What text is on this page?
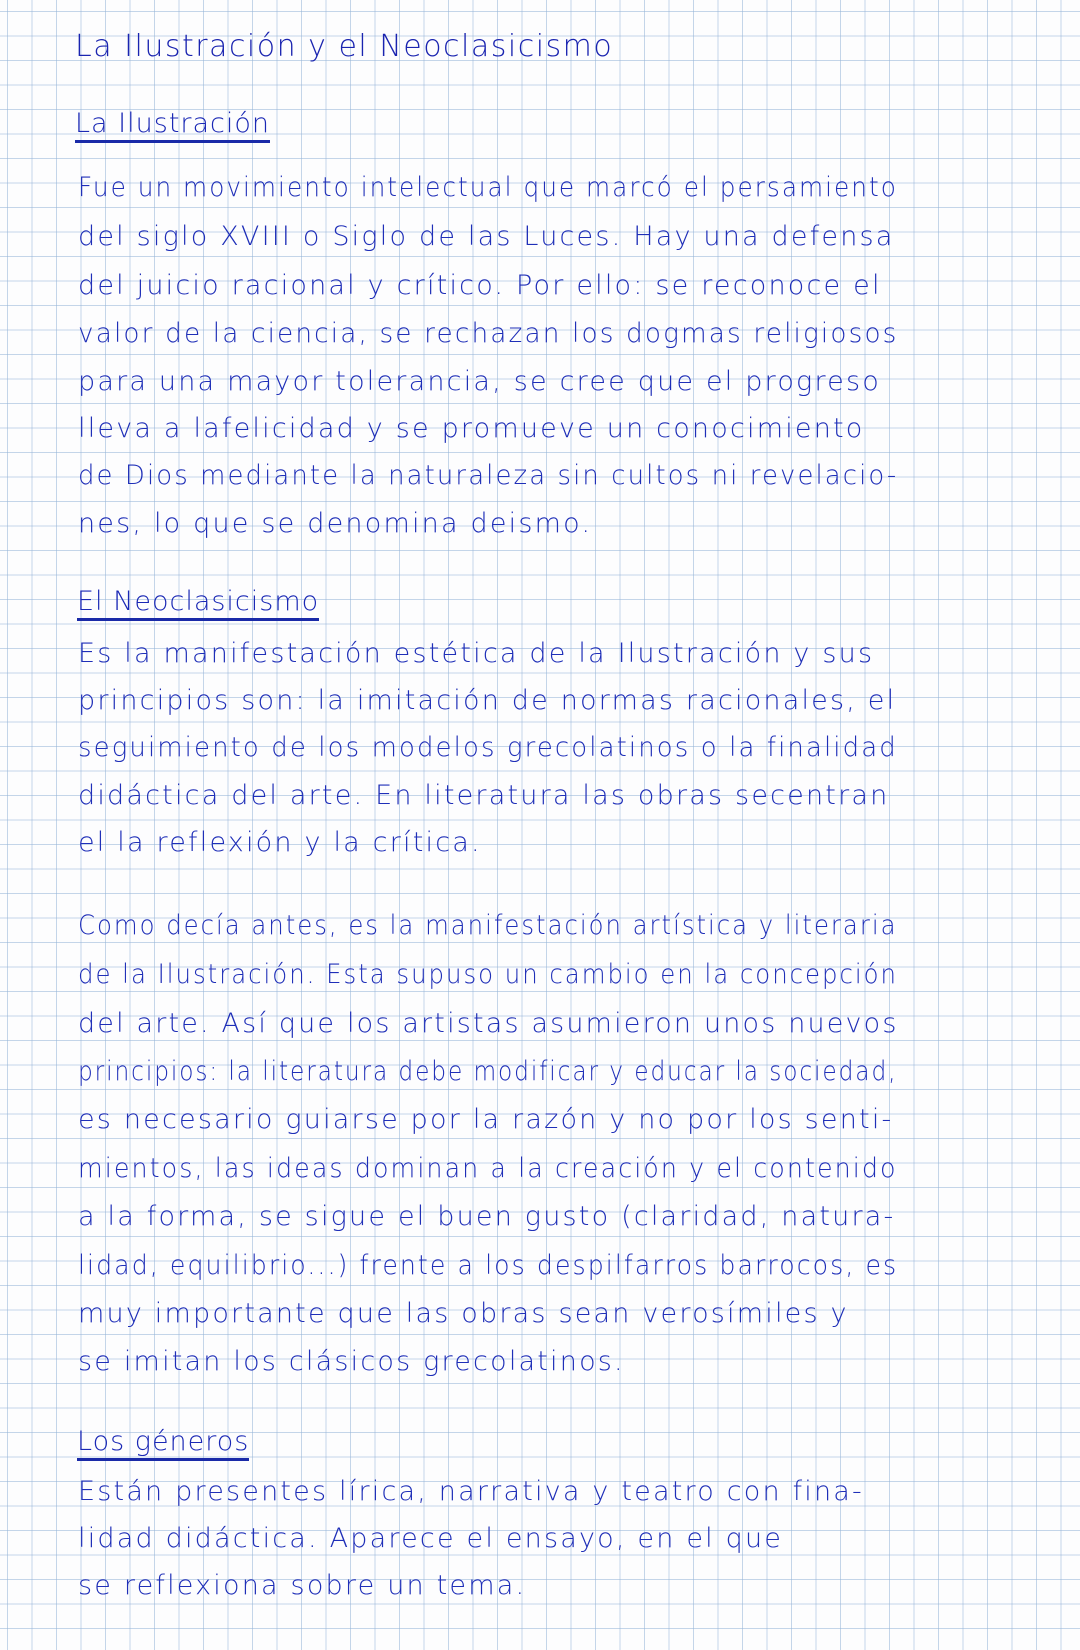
La Ilustración y el Neoclasicismo
La Ilustración
Fue un movimiento intelectual que marcó el persamiento
del siglo XVIII o Siglo de las Luces. Hay una defensa
del juicio racional y crítico. Por ello: se reconoce el
valor de la ciencia, se rechazan los dogmas religiosos
para una mayor tolerancia, se cree que el progreso
lleva a lafelicidad y se promueve un conocimiento
de Dios mediante la naturaleza sin cultos ni revelacio-
nes, lo que se denomina deismo.
El Neoclasicismo
Es la manifestación estética de la Ilustración y sus
principios son: la imitación de normas racionales, el
seguimiento de los modelos grecolatinos o la finalidad
didáctica del arte. En literatura las obras secentran
el la reflexión y la crítica.
Como decía antes, es la manifestación artística y literaria
de la Ilustración. Esta supuso un cambio en la concepción
del arte. Así que los artistas asumieron unos nuevos
principios: la literatura debe modificar y educar la sociedad,
es necesario guiarse por la razón y no por los senti-
mientos, las ideas dominan a la creación y el contenido
a la forma, se sigue el buen gusto (claridad, natura-
lidad, equilibrio...) frente a los despilfarros barrocos, es
muy importante que las obras sean verosímiles y
se imitan los clásicos grecolatinos.
Los géneros
Están presentes lírica, narrativa y teatro con fina-
lidad didáctica. Aparece el ensayo, en el que
se reflexiona sobre un tema.
